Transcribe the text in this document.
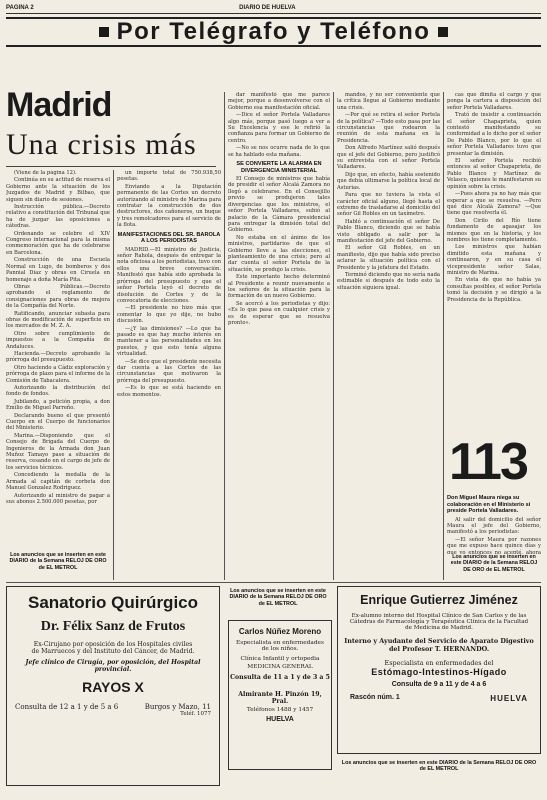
PAGINA 2	DIARIO DE HUELVA
Por Telégrafo y Teléfono
Madrid
Una crisis más

(Viene de la página 12).

Continúa en su actitud de reserva el Gobierno ante la situación de los Juzgados de Madrid y Bilbao, que siguen sin diario de sesiones.

Instrucción pública.—Decreto relativo a constitución del Tribunal que ha de juzgar las oposiciones a cátedras.

Ordenando se celebre el XIV Congreso internacional para la misma conmemoración que ha de celebrarse en Barcelona.

Construcción de una Escuela Normal en Lugo, de bomberos y dos Pannial Diaz y obras en Ciruela en homenaje a doña María Pita.

Obras Públicas.—Decreto aprobando el reglamento de consignaciones para obras de mejora de la Compañía del Norte.

Ratificando, anunciar subasta para obras de modificación de superficie en los mercados de M. Z. A.

Otro sobre cumplimiento de impuestos a la Compañía de Andaluces.

Hacienda.—Decreto aprobando la prórroga del presupuesto.

Otro haciendo a Cádiz exploración y prórroga de plazo para el informe de la Comisión de Tabacalera.

Autorizando la distribución del fondo de fondos.

Jubilando, a petición propia, a don Emilio de Miguel Parreño.

Declarando bueno el que presentó Cuerpo en el Cuerpo de funcionarios del Ministerio.

Marina.—Disponiendo que el Consejo de Brigada del Cuerpo de Ingenieros de la Armada don Juan Muñoz Tamayo pase a situación de reserva, cesando en el cargo de jefe de los servicios técnicos.

Concediendo la medalla de la Armada al capitán de corbeta don Manuel Gonzalez Rodriguez.

Autorizando al ministro de pagar a sus abonos 2.500.000 pesetas, por

Los anuncios que se inserten en este DIARIO de la Semana RELOJ DE ORO de EL METROL

un importe total de 750.938,50 pesetas.

Enviando a la Diputación permanente de las Cortes un decreto autorizando al ministro de Marina para contratar la construcción de dos destructores, dos cañoneros, un buque y tres remolcadores para el servicio de la flota.

MANIFESTACIONES DEL SR. BAROLA A LOS PERIODISTAS

MADRID.—El ministro de Justicia, señor Rahola, después de entregar la nota oficiosa a los periodistas, tuvo con ellos una breve conversación. Manifestó que había sido aprobada la prórroga del presupuesto y que el señor Portela leyó el decreto de disolución de Cortes y de la convocatoria de elecciones.

—El presidente no hizo más que comentar lo que yo dije, no hubo discusión.

—¿Y las dimisiones? —Lo que ha pasado es que hay mucho interés en mantener a las personalidades en los puestos, y que esto tenía alguna virtualidad.

—Se dice que el presidente necesita dar cuenta a las Cortes de las circunstancias que motivaron la prórroga del presupuesto.

—Es lo que se está haciendo en estos momentos.

dar manifestó que me parece mejor, porque a desenvolverse con el Gobierno esa manifestación oficial.

—Dice el señor Portela Valladares algo más, porque pasó luego a ver a Su Excelencia y ese le refirió la confianza para formar un Gobierno de centro.

—No se nos ocurre nada de lo que se ha hablado esta mañana.

SE CONVIERTE LA ALARMA EN DIVERGENCIA MINISTERIAL

El Consejo de ministros que había de presidir el señor Alcalá Zamora no llegó a celebrarse. En el Consejillo previo se produjeron tales divergencias que los ministros, el señor Portela Valladares, subió al palacio de la Cámara presidencial para entregar la dimisión total del Gobierno.

No estaba en el ánimo de los ministros, partidarios de que el Gobierno lleve a las elecciones, el planteamiento de una crisis; pero al dar cuenta el señor Portela de la situación, se produjo la crisis.

Este importante hecho determinó al Presidente a reunir nuevamente a los señores de la situación para la formación de un nuevo Gobierno.

Se acercó a los periodistas y dijo: «Es lo que pasa en cualquier crisis y es de esperar que se resuelva pronto».

mandos, y no ser conveniente que la crítica llegue al Gobierno mediante una crisis.

—Por qué se retira el señor Portela de la política? —Todo esto pasa por las circunstancias que rodearon la reunión de esta mañana en la Presidencia.

Don Alfredo Martínez salió después que el jefe del Gobierno, pero justificó su entrevista con el señor Portela Valladares.

Dijo que, en efecto, había sostenido que debía ultimarse la política local de Asturias.

Para que no tuviera la vista el carácter oficial alguno, llegó hasta el extremo de trasladarse al domicilio del señor Gil Robles en un taxímetro.

Habló a continuación el señor De Pablo Blanco, diciendo que se había visto obligado a salir por la manifestación del jefe del Gobierno.

El señor Gil Robles, en un manifiesto, dijo que había sido preciso aclarar la situación política con el Presidente y la jefatura del Estado.

Terminó diciendo que no sería nada estimable si después de todo esto la situación siguiera igual.

cas que dimita el cargo y que ponga la cartera a disposición del señor Portela Valladares.

Trató de insistir a continuación el señor Chapaprieta, quien contestó manifestando su conformidad a lo dicho por el señor De Pablo Blanco, por lo que el señor Portela Valladares tuvo que presentar la dimisión.

El señor Portela recibió entonces al señor Chapaprieta, de Pablo Blanco y Martínez de Velasco, quienes le manifestaron su opinión sobre la crisis.

—Pues ahora ya no hay más que esperar a que se resuelva. —Pero qué dice Alcalá Zamora? —Que tiene que resolverla él.

Don Cirilo del Río tiene fundamento de agasajar los mismos que en la historia, y los nombres les tiene completamente.

Los ministros que habían dimitido esta mañana y continuaron, y en su casa el vicepresidente señor Salas, ministro de Marina.

En vista de que no había ya consultas posibles, el señor Portela tomó la decisión y se dirigió a la Presidencia de la República.

113
Don Miguel Maura niega su colaboración en el Ministerio si preside Portela Valladares.

Al salir del domicilio del señor Maura el jefe del Gobierno, manifestó a los periodistas:

—El señor Maura por razones que me expuso hace quince días y que yo entonces no acepté, ahora

Los anuncios que se inserten en este DIARIO de la Semana RELOJ DE ORO de EL METROL
Sanatorio Quirúrgico
Dr. Félix Sanz de Frutos
Ex-Cirujano por oposición de los Hospitales civiles
de Marruecos y del Instituto del Cáncer, de Madrid.
Jefe clínico de Cirugía, por oposición, del Hospital provincial.
RAYOS X
Consulta de 12 a 1 y de 5 a 6	Burgos y Mazo, 11
Teléf. 1077
Los anuncios que se inserten en este DIARIO de la Semana RELOJ DE ORO de EL METROL
Carlos Núñez Moreno
Especialista en enfermedades de los niños.
Clínica Infantil y ortopedia
MEDICINA GENERAL
Consulta de 11 a 1 y de 3 a 5
Almirante H. Pinzón 19, Pral.
Teléfonos 1488 y 1457
HUELVA
Enrique Gutierrez Jiménez
Ex-alumno interno del Hospital Clínico de San Carlos y de las
Cátedras de Farmacología y Terapéutica Clínica de la Facultad
de Medicina de Madrid.
Interno y Ayudante del Servicio de Aparato Digestivo
del Profesor T. HERNANDO.
Especialista en enfermedades del
Estómago-Intestinos-Hígado
Consulta de 9 a 11 y de 4 a 6
Rascón núm. 1	HUELVA
Los anuncios que se inserten en este DIARIO de la Semana RELOJ DE ORO de EL METROL
